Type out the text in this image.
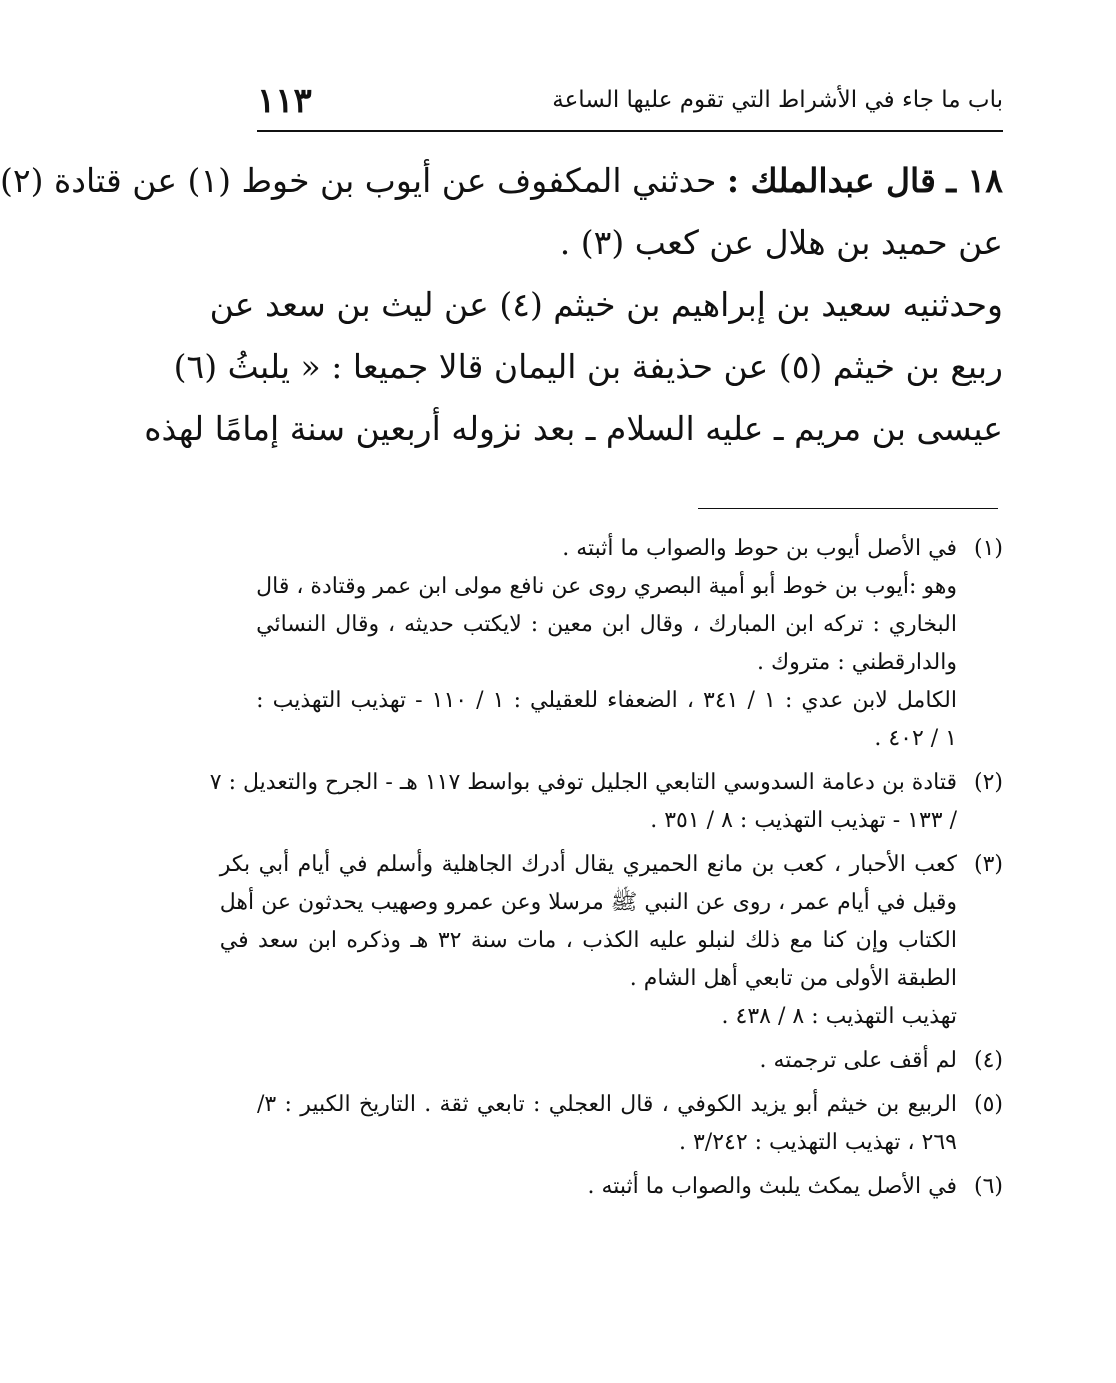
باب ما جاء في الأشراط التي تقوم عليها الساعة
١١٣
١٨ ـ قال عبدالملك : حدثني المكفوف عن أيوب بن خوط (١) عن قتادة (٢)
عن حميد بن هلال عن كعب (٣) .
وحدثنيه سعيد بن إبراهيم بن خيثم (٤) عن ليث بن سعد عن
ربيع بن خيثم (٥) عن حذيفة بن اليمان قالا جميعا : « يلبثُ (٦)
عيسى بن مريم ـ عليه السلام ـ بعد نزوله أربعين سنة إمامًا لهذه
(١)
في الأصل أيوب بن حوط والصواب ما أثبته .
وهو :أيوب بن خوط أبو أمية البصري روى عن نافع مولى ابن عمر وقتادة ، قال
البخاري : تركه ابن المبارك ، وقال ابن معين : لايكتب حديثه ، وقال النسائي
والدارقطني : متروك .
الكامل لابن عدي : ١ / ٣٤١ ، الضعفاء للعقيلي : ١ / ١١٠ - تهذيب التهذيب :
١ / ٤٠٢ .
(٢)
قتادة بن دعامة السدوسي التابعي الجليل توفي بواسط ١١٧ هـ - الجرح والتعديل : ٧
/ ١٣٣ - تهذيب التهذيب : ٨ / ٣٥١ .
(٣)
كعب الأحبار ، كعب بن مانع الحميري يقال أدرك الجاهلية وأسلم في أيام أبي بكر
وقيل في أيام عمر ، روى عن النبي ﷺ مرسلا وعن عمرو وصهيب يحدثون عن أهل
الكتاب وإن كنا مع ذلك لنبلو عليه الكذب ، مات سنة ٣٢ هـ وذكره ابن سعد في
الطبقة الأولى من تابعي أهل الشام .
تهذيب التهذيب : ٨ / ٤٣٨ .
(٤)
لم أقف على ترجمته .
(٥)
الربيع بن خيثم أبو يزيد الكوفي ، قال العجلي : تابعي ثقة . التاريخ الكبير : ٣/
٢٦٩ ، تهذيب التهذيب : ٣/٢٤٢ .
(٦)
في الأصل يمكث يلبث والصواب ما أثبته .
